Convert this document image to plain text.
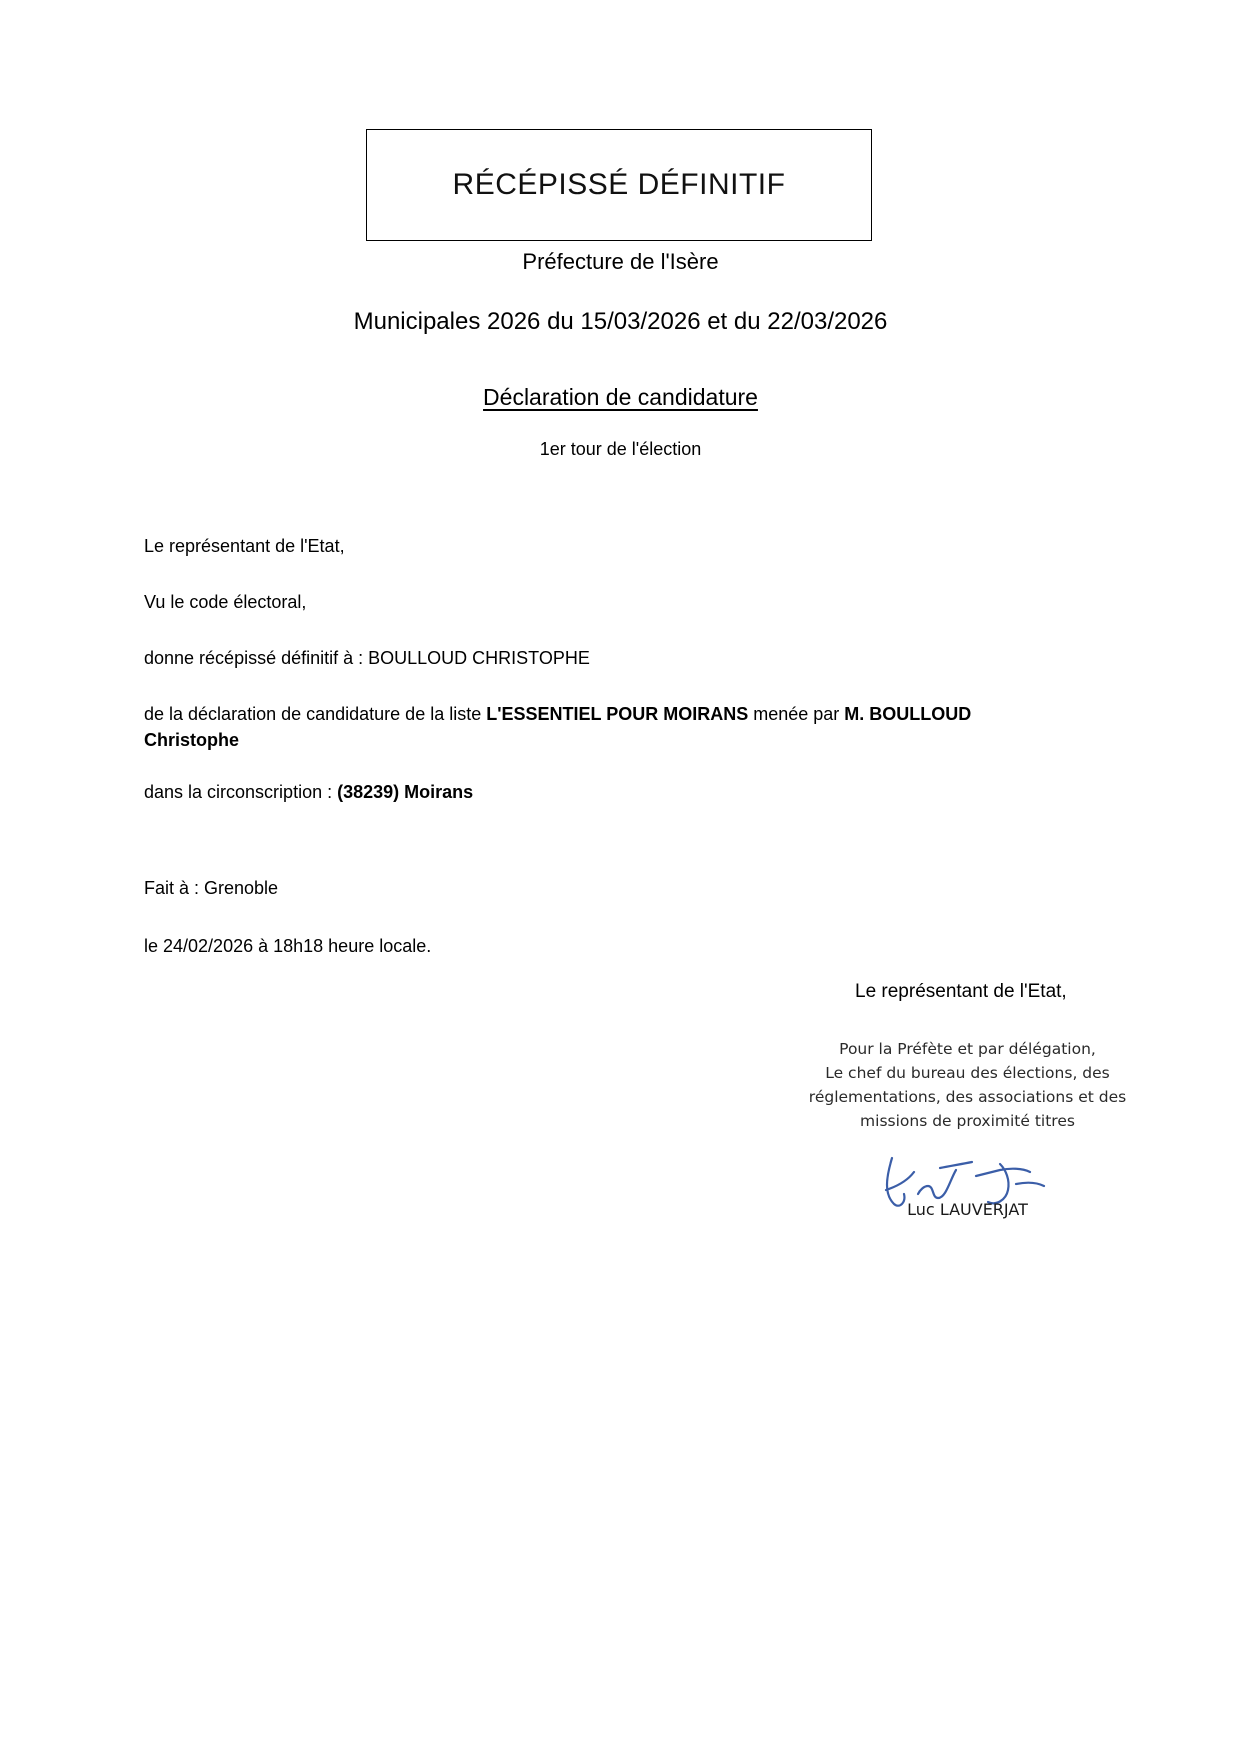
RÉCÉPISSÉ DÉFINITIF
Préfecture de l'Isère
Municipales 2026 du 15/03/2026 et du 22/03/2026
Déclaration de candidature
1er tour de l'élection

Le représentant de l'Etat,

Vu le code électoral,

donne récépissé définitif à : BOULLOUD CHRISTOPHE

de la déclaration de candidature de la liste L'ESSENTIEL POUR MOIRANS menée par M. BOULLOUD Christophe

dans la circonscription : (38239) Moirans

Fait à : Grenoble

le 24/02/2026 à 18h18 heure locale.

Le représentant de l'Etat,
Pour la Préfète et par délégation,
Le chef du bureau des élections, des
réglementations, des associations et des
missions de proximité titres
Luc LAUVERJAT
